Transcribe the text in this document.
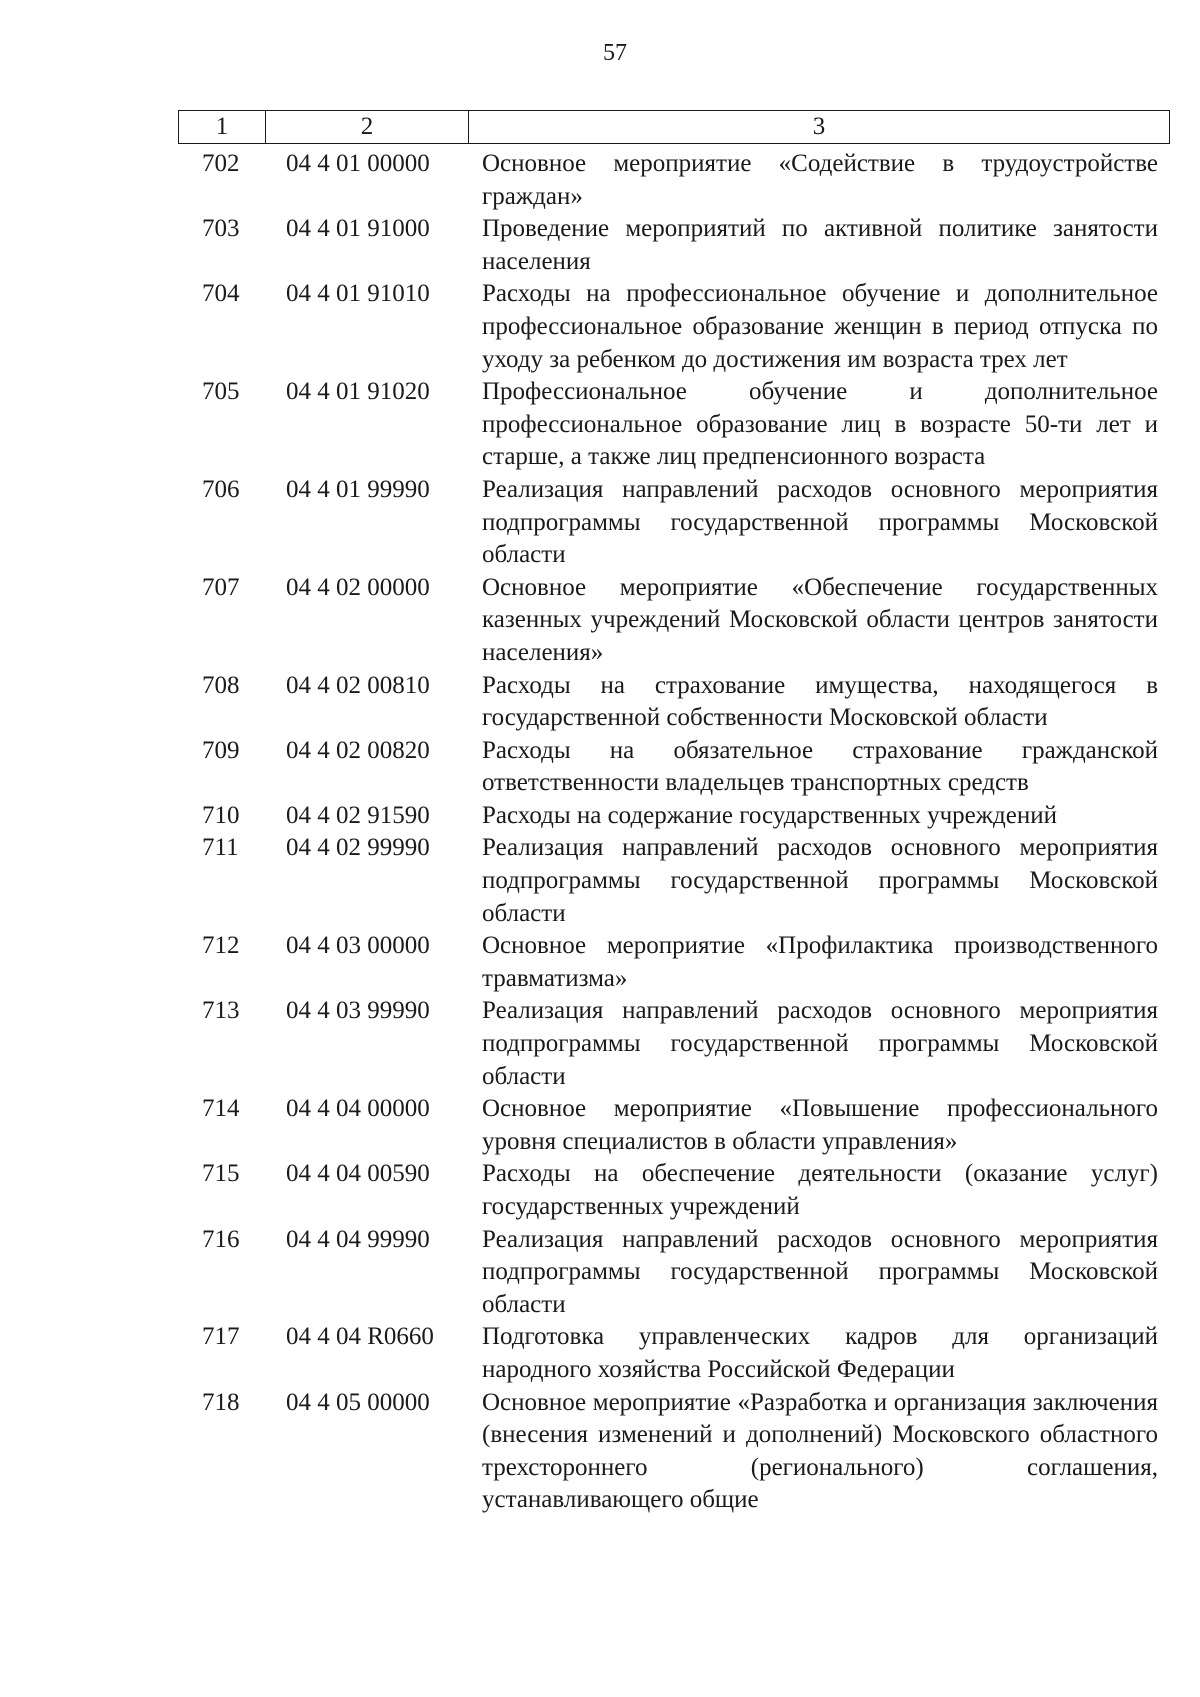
57
1	2	3
702	04 4 01 00000	Основное мероприятие «Содействие в трудоустройстве граждан»
703	04 4 01 91000	Проведение мероприятий по активной политике занятости населения
704	04 4 01 91010	Расходы на профессиональное обучение и дополнительное профессиональное образование женщин в период отпуска по уходу за ребенком до достижения им возраста трех лет
705	04 4 01 91020	Профессиональное обучение и дополнительное профессиональное образование лиц в возрасте 50-ти лет и старше, а также лиц предпенсионного возраста
706	04 4 01 99990	Реализация направлений расходов основного мероприятия подпрограммы государственной программы Московской области
707	04 4 02 00000	Основное мероприятие «Обеспечение государственных казенных учреждений Московской области центров занятости населения»
708	04 4 02 00810	Расходы на страхование имущества, находящегося в государственной собственности Московской области
709	04 4 02 00820	Расходы на обязательное страхование гражданской ответственности владельцев транспортных средств
710	04 4 02 91590	Расходы на содержание государственных учреждений
711	04 4 02 99990	Реализация направлений расходов основного мероприятия подпрограммы государственной программы Московской области
712	04 4 03 00000	Основное мероприятие «Профилактика производственного травматизма»
713	04 4 03 99990	Реализация направлений расходов основного мероприятия подпрограммы государственной программы Московской области
714	04 4 04 00000	Основное мероприятие «Повышение профессионального уровня специалистов в области управления»
715	04 4 04 00590	Расходы на обеспечение деятельности (оказание услуг) государственных учреждений
716	04 4 04 99990	Реализация направлений расходов основного мероприятия подпрограммы государственной программы Московской области
717	04 4 04 R0660	Подготовка управленческих кадров для организаций народного хозяйства Российской Федерации
718	04 4 05 00000	Основное мероприятие «Разработка и организация заключения (внесения изменений и дополнений) Московского областного трехстороннего (регионального) соглашения, устанавливающего общие
